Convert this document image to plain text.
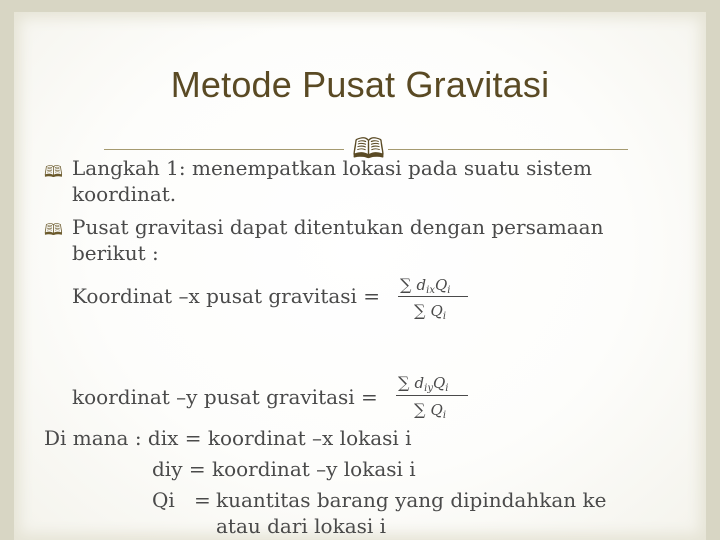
Metode Pusat Gravitasi
🕮
🕮 Langkah 1: menempatkan lokasi pada suatu sistem
koordinat.
🕮 Pusat gravitasi dapat ditentukan dengan persamaan
berikut :
Koordinat –x pusat gravitasi = ∑ $d_{ix}Q_i$
∑ $Q_i$
koordinat –y pusat gravitasi =
∑ $d_{iy}Q_i$
∑ $Q_i$
Di mana : dix = koordinat –x lokasi i
diy = koordinat –y lokasi i
Qi = kuantitas barang yang dipindahkan ke
atau dari lokasi i
